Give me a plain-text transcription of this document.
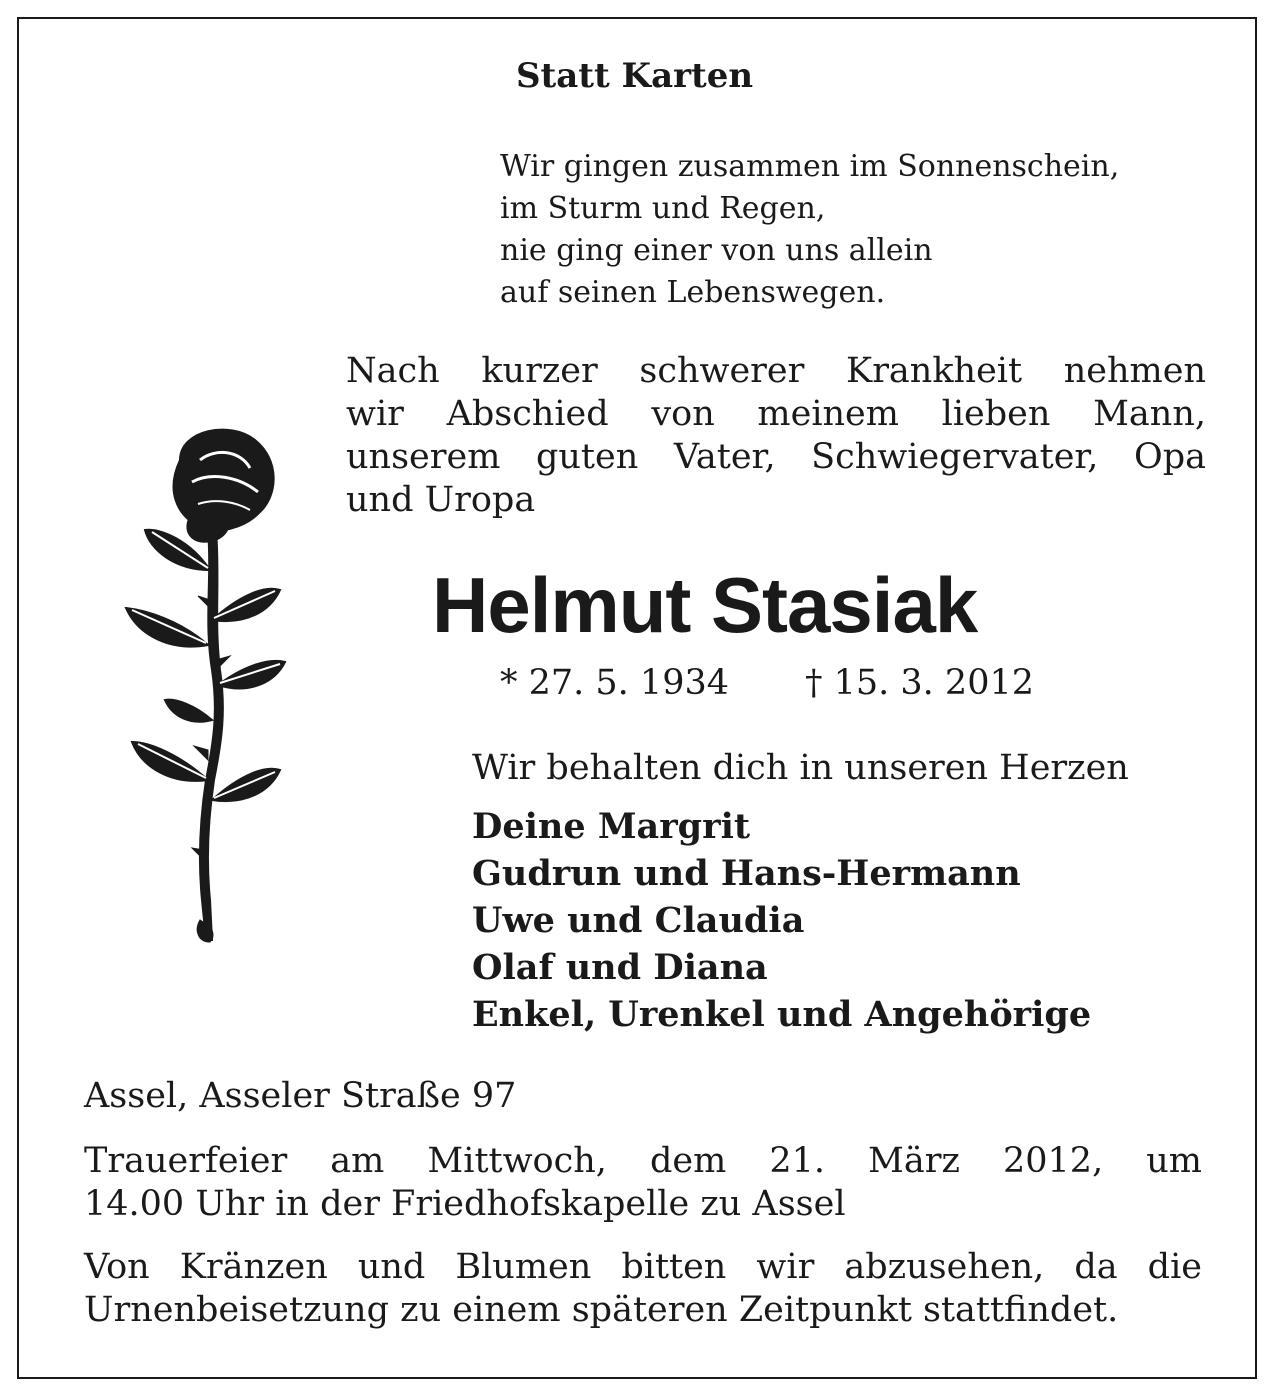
Statt Karten
Wir gingen zusammen im Sonnenschein,
im Sturm und Regen,
nie ging einer von uns allein
auf seinen Lebenswegen.
Nach kurzer schwerer Krankheit nehmen
wir Abschied von meinem lieben Mann,
unserem guten Vater, Schwiegervater, Opa
und Uropa
Helmut Stasiak
* 27. 5. 1934 † 15. 3. 2012
Wir behalten dich in unseren Herzen
Deine Margrit
Gudrun und Hans-Hermann
Uwe und Claudia
Olaf und Diana
Enkel, Urenkel und Angehörige
Assel, Asseler Straße 97
Trauerfeier am Mittwoch, dem 21. März 2012, um
14.00 Uhr in der Friedhofskapelle zu Assel
Von Kränzen und Blumen bitten wir abzusehen, da die
Urnenbeisetzung zu einem späteren Zeitpunkt stattfindet.
